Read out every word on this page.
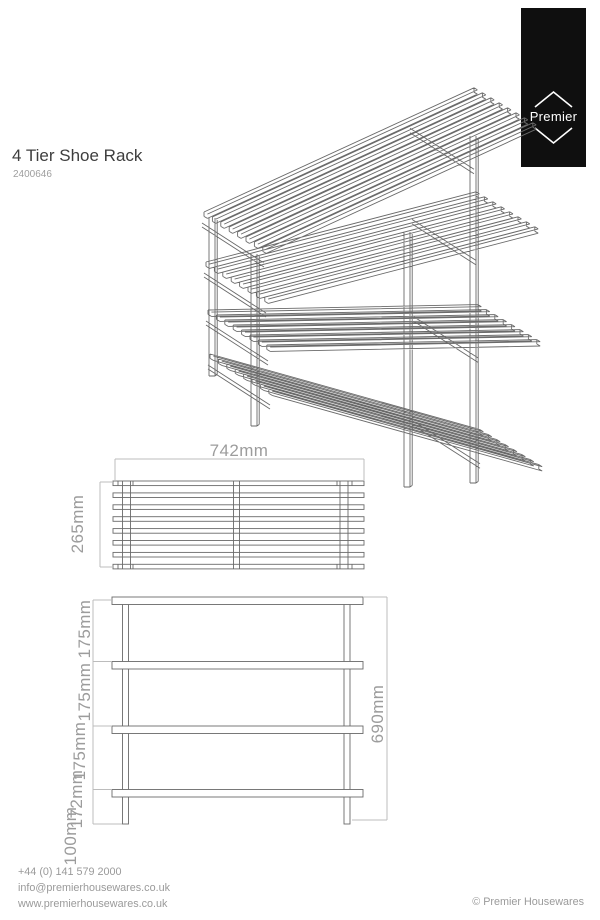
4 Tier Shoe Rack
2400646
Premier
742mm
265mm
175mm
175mm
175mm
172mm
100mm
690mm
+44 (0) 141 579 2000
info@premierhousewares.co.uk
www.premierhousewares.co.uk	© Premier Housewares
